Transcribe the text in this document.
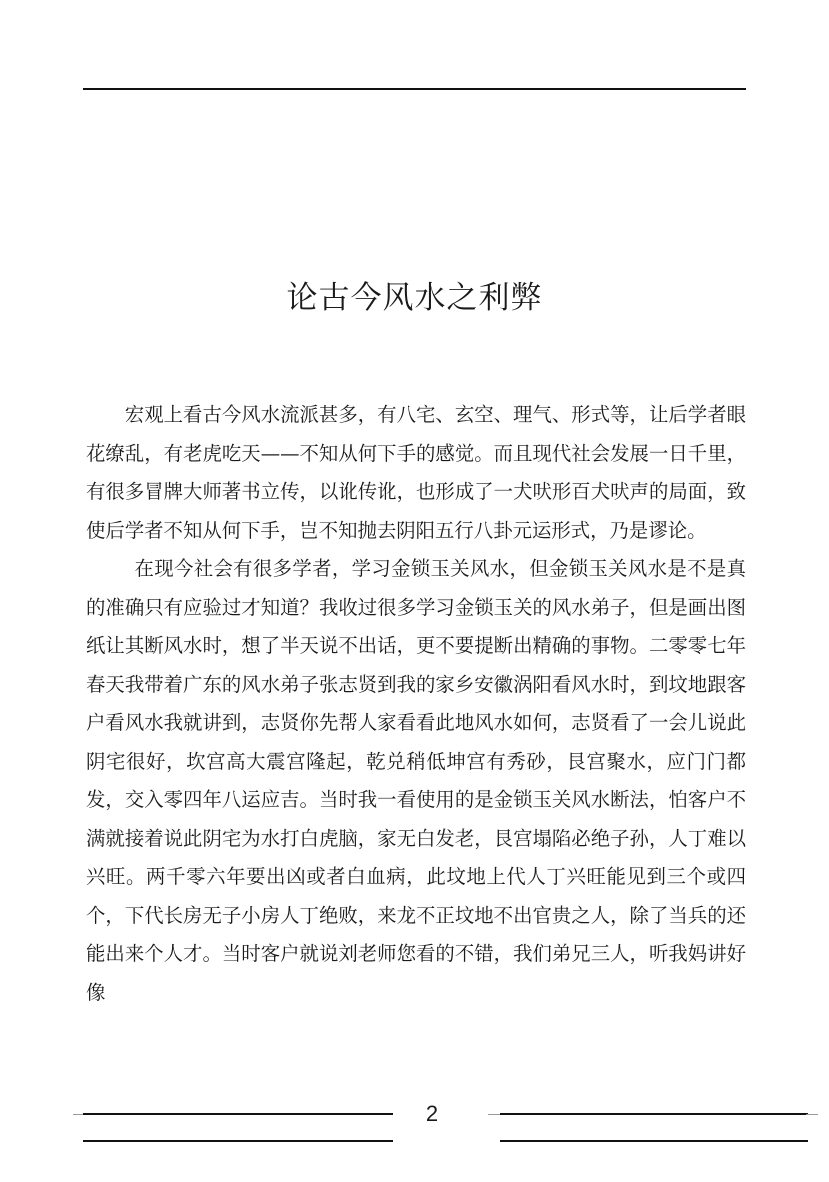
论古今风水之利弊

宏观上看古今风水流派甚多，有八宅、玄空、理气、形式等，让后学者眼花缭乱，有老虎吃天——不知从何下手的感觉。而且现代社会发展一日千里，有很多冒牌大师著书立传，以讹传讹，也形成了一犬吠形百犬吠声的局面，致使后学者不知从何下手，岂不知抛去阴阳五行八卦元运形式，乃是谬论。

在现今社会有很多学者，学习金锁玉关风水，但金锁玉关风水是不是真的准确只有应验过才知道？我收过很多学习金锁玉关的风水弟子，但是画出图纸让其断风水时，想了半天说不出话，更不要提断出精确的事物。二零零七年春天我带着广东的风水弟子张志贤到我的家乡安徽涡阳看风水时，到坟地跟客户看风水我就讲到，志贤你先帮人家看看此地风水如何，志贤看了一会儿说此阴宅很好，坎宫高大震宫隆起，乾兑稍低坤宫有秀砂，艮宫聚水，应门门都发，交入零四年八运应吉。当时我一看使用的是金锁玉关风水断法，怕客户不满就接着说此阴宅为水打白虎脑，家无白发老，艮宫塌陷必绝子孙，人丁难以兴旺。两千零六年要出凶或者白血病，此坟地上代人丁兴旺能见到三个或四个，下代长房无子小房人丁绝败，来龙不正坟地不出官贵之人，除了当兵的还能出来个人才。当时客户就说刘老师您看的不错，我们弟兄三人，听我妈讲好像

2
